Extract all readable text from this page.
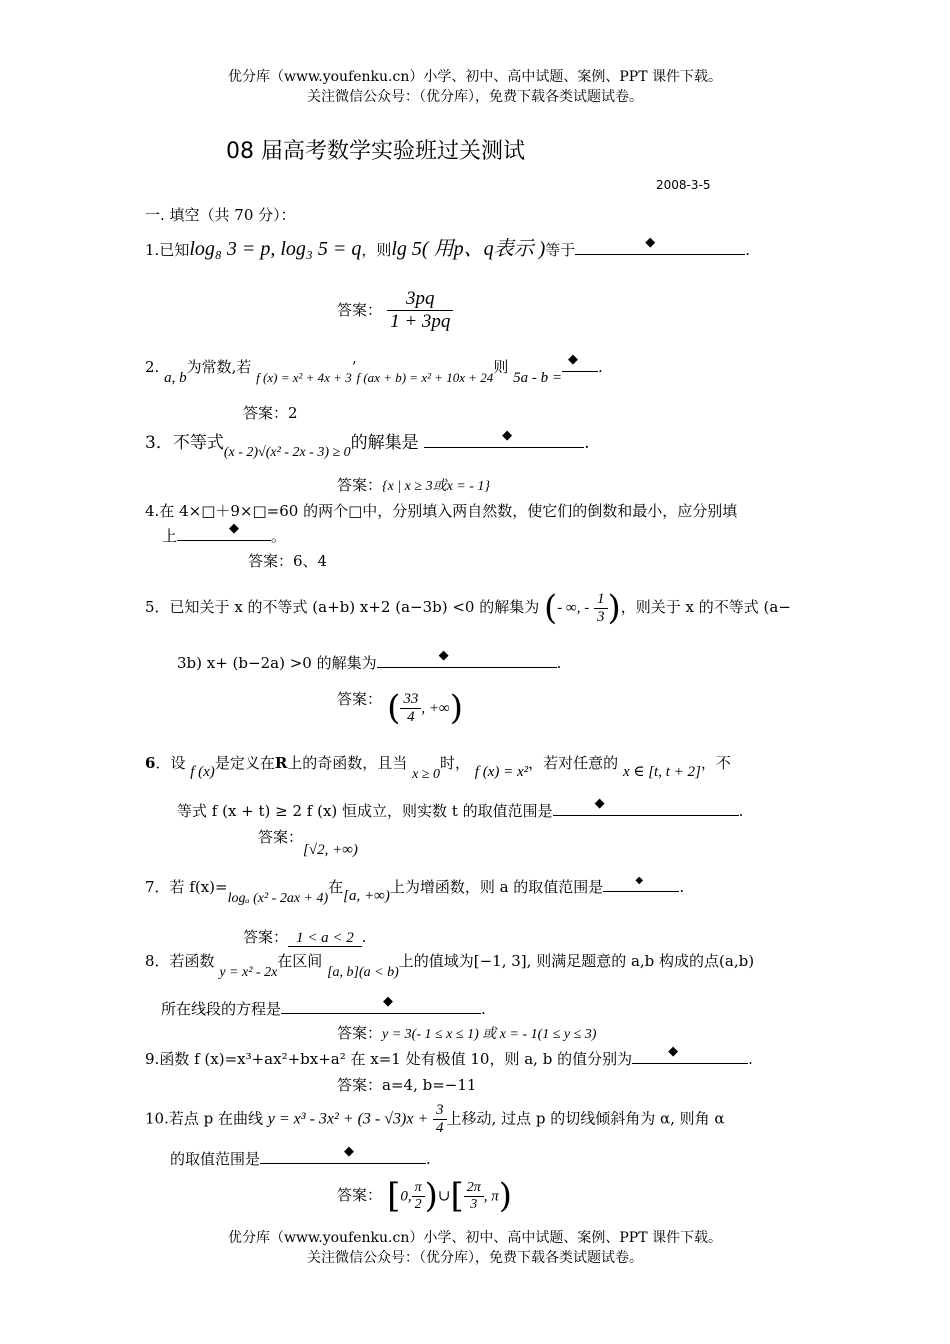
优分库（www.youfenku.cn）小学、初中、高中试题、案例、PPT 课件下载。
关注微信公众号：（优分库），免费下载各类试题试卷。
08 届高考数学实验班过关测试
2008-3-5
一. 填空（共 70 分）：
1.已知log₈ 3 = p, log₃ 5 = q，则lg 5( 用p、q表示 )等于	◆	.
答案： $\frac{3pq}{1 + 3pq}$
2. a, b为常数,若 f (x) = x² + 4x + 3’f (ax + b) = x² + 10x + 24则 5a - b =
◆ .
答案：2
3．不等式$_{(x - 2)√(x^2 - 2x - 3) \ge 0}$的解集是	◆	.
答案：{x | x ≥ 3或x = - 1}
4.在 4×□＋9×□=60 的两个□中，分别填入两自然数，使它们的倒数和最小，应分别填
上	◆ 。
答案：6、4
5．已知关于 x 的不等式 (a+b) x+2 (a−3b) <0 的解集为 (- ∞, - $\frac{1}{3}$ )，则关于 x 的不等式 (a−
3b) x+ (b−2a) >0 的解集为	◆	.
答案： ( $\frac{33}{4}$ , +∞)
6．设 f (x)是定义在R上的奇函数，且当 x ≥ 0时， f (x) = x²，若对任意的 x ∈ [t, t + 2]，不
等式 f (x + t) ≥ 2 f (x) 恒成立，则实数 t 的取值范围是	◆	.
答案：[√2, +∞)
7．若 f(x)=logₐ (x² - 2ax + 4)在[a, +∞)上为增函数，则 a 的取值范围是	◆ .
答案： 1 < a < 2 .
8．若函数 y = x² - 2x在区间 [a, b](a < b)上的值域为[−1, 3], 则满足题意的 a,b 构成的点(a,b)
所在线段的方程是	◆	.
答案：y = 3(- 1 ≤ x ≤ 1) 或 x = - 1(1 ≤ y ≤ 3)
9.函数 f (x)=x³+ax²+bx+a² 在 x=1 处有极值 10，则 a, b 的值分别为	◆	.
答案：a=4, b=−11
10.若点 p 在曲线 $y = x^3 - 3x^2 + (3 - √3)x + \frac{3}{4}$ 上移动, 过点 p 的切线倾斜角为 α, 则角 α
的取值范围是	◆	.
答案： [0, $\frac{\pi}{2}$ )∪[ $\frac{2\pi}{3}$ , π)
优分库（www.youfenku.cn）小学、初中、高中试题、案例、PPT 课件下载。
关注微信公众号：（优分库），免费下载各类试题试卷。
